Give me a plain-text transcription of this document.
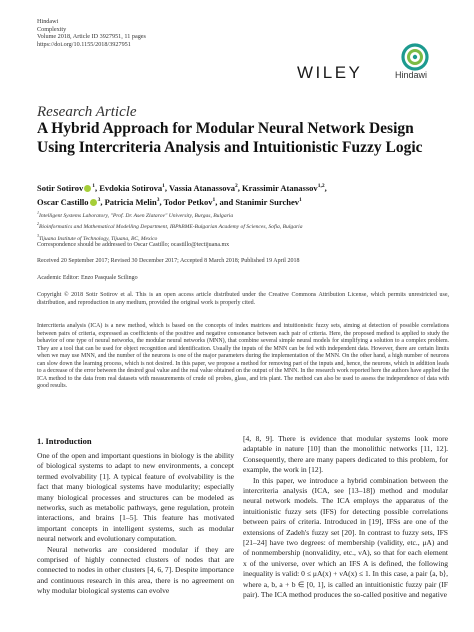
Hindawi
Complexity
Volume 2018, Article ID 3927951, 11 pages
https://doi.org/10.1155/2018/3927951
WILEY	Hindawi
Research Article
A Hybrid Approach for Modular Neural Network Design Using Intercriteria Analysis and Intuitionistic Fuzzy Logic
Sotir Sotirov $^1$, Evdokia Sotirova$^1$, Vassia Atanassova$^2$, Krassimir Atanassov$^{1,2}$,
Oscar Castillo $^3$, Patricia Melin$^3$, Todor Petkov$^1$, and Stanimir Surchev$^1$
$^1$Intelligent Systems Laboratory, "Prof. Dr. Asen Zlatarov" University, Burgas, Bulgaria
$^2$Bioinformatics and Mathematical Modelling Department, IBPhBME-Bulgarian Academy of Sciences, Sofia, Bulgaria
$^3$Tijuana Institute of Technology, Tijuana, BC, Mexico
Correspondence should be addressed to Oscar Castillo; ocastillo@tectijuana.mx
Received 20 September 2017; Revised 30 December 2017; Accepted 8 March 2018; Published 19 April 2018
Academic Editor: Enzo Pasquale Scilingo
Copyright © 2018 Sotir Sotirov et al. This is an open access article distributed under the Creative Commons Attribution License, which permits unrestricted use, distribution, and reproduction in any medium, provided the original work is properly cited.
Intercriteria analysis (ICA) is a new method, which is based on the concepts of index matrices and intuitionistic fuzzy sets, aiming at detection of possible correlations between pairs of criteria, expressed as coefficients of the positive and negative consonance between each pair of criteria. Here, the proposed method is applied to study the behavior of one type of neural networks, the modular neural networks (MNN), that combine several simple neural models for simplifying a solution to a complex problem. They are a tool that can be used for object recognition and identification. Usually the inputs of the MNN can be fed with independent data. However, there are certain limits when we may use MNN, and the number of the neurons is one of the major parameters during the implementation of the MNN. On the other hand, a high number of neurons can slow down the learning process, which is not desired. In this paper, we propose a method for removing part of the inputs and, hence, the neurons, which in addition leads to a decrease of the error between the desired goal value and the real value obtained on the output of the MNN. In the research work reported here the authors have applied the ICA method to the data from real datasets with measurements of crude oil probes, glass, and iris plant. The method can also be used to assess the independence of data with good results.
1. Introduction

One of the open and important questions in biology is the ability of biological systems to adapt to new environments, a concept termed evolvability [1]. A typical feature of evolvability is the fact that many biological systems have modularity; especially many biological processes and structures can be modeled as networks, such as metabolic pathways, gene regulation, protein interactions, and brains [1–5]. This feature has motivated important concepts in intelligent systems, such as modular neural network and evolutionary computation.

Neural networks are considered modular if they are comprised of highly connected clusters of nodes that are connected to nodes in other clusters [4, 6, 7]. Despite importance and continuous research in this area, there is no agreement on why modular biological systems can evolve

[4, 8, 9]. There is evidence that modular systems look more adaptable in nature [10] than the monolithic networks [11, 12]. Consequently, there are many papers dedicated to this problem, for example, the work in [12].

In this paper, we introduce a hybrid combination between the intercriteria analysis (ICA, see [13–18]) method and modular neural network models. The ICA employs the apparatus of the intuitionistic fuzzy sets (IFS) for detecting possible correlations between pairs of criteria. Introduced in [19], IFSs are one of the extensions of Zadeh's fuzzy set [20]. In contrast to fuzzy sets, IFS [21–24] have two degrees: of membership (validity, etc., μA) and of nonmembership (nonvalidity, etc., νA), so that for each element x of the universe, over which an IFS A is defined, the following inequality is valid: 0 ≤ μA(x) + νA(x) ≤ 1. In this case, a pair ⟨a, b⟩, where a, b, a + b ∈ [0, 1], is called an intuitionistic fuzzy pair (IF pair). The ICA method produces the so-called positive and negative
